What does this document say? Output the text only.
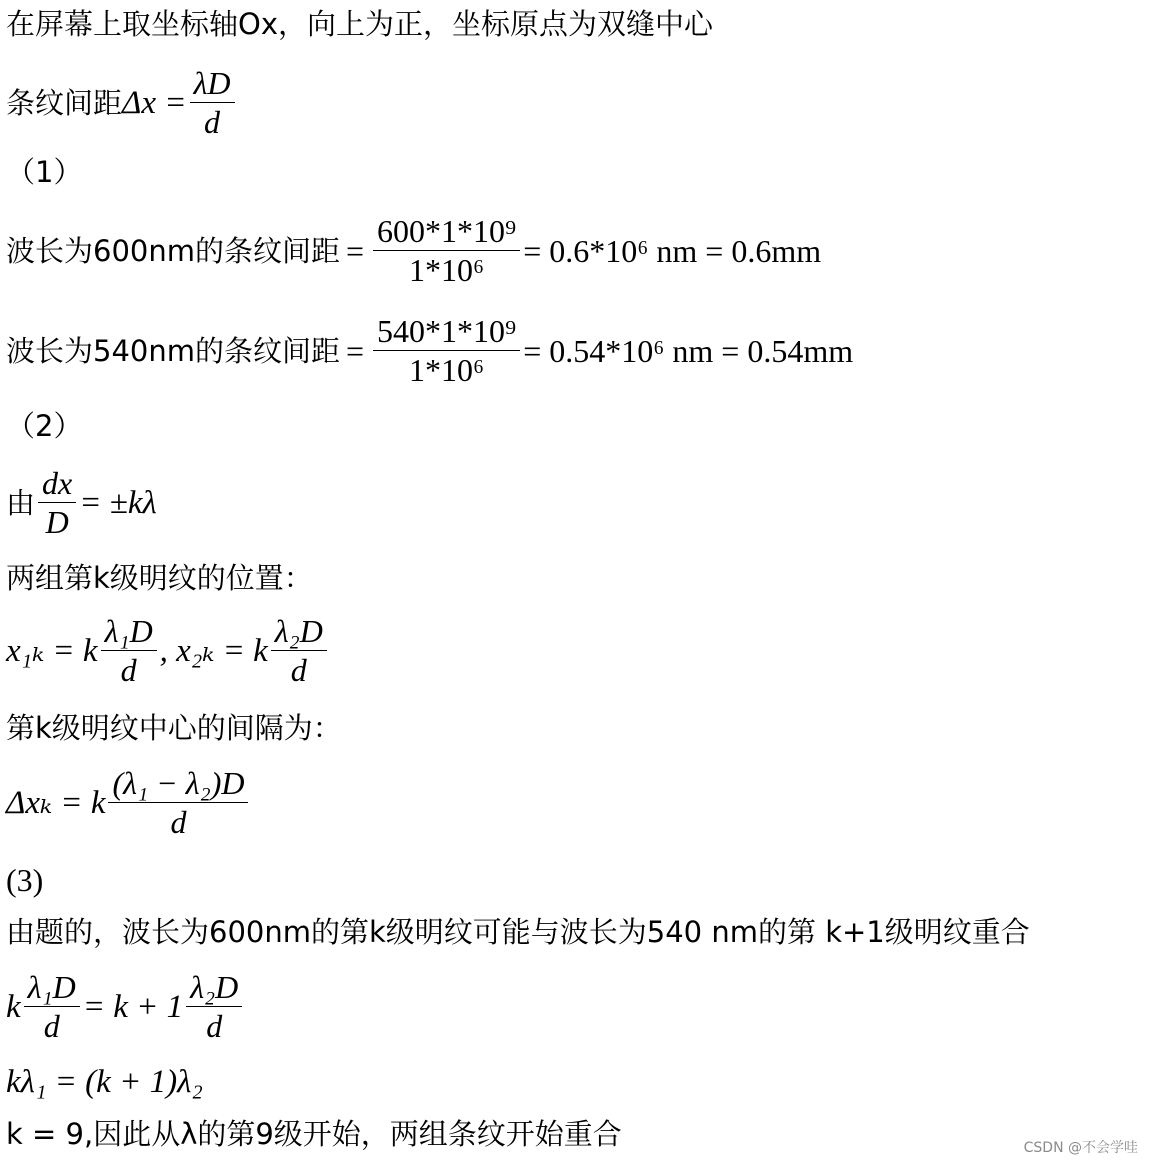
在屏幕上取坐标轴Ox，向上为正，坐标原点为双缝中心
条纹间距 $\Delta x = \frac{\lambda D}{d}$
（1）
波长为600nm的条纹间距 = $\frac{\text{600*1*10⁹}}{\text{1*10⁶}} = 0.6*10^6$ nm = 0.6mm
波长为540nm的条纹间距 = $\frac{\text{540*1*10⁹}}{\text{1*10⁶}} = 0.54*10^6$ nm = 0.54mm
（2）
由 $\frac{dx}{D} = \pm k\lambda$
两组第k级明纹的位置：
x₁ₖ = k $\frac{\text{λ₁D}}{d}$ , x₂ₖ = k $\frac{\text{λ₂D}}{d}$
第k级明纹中心的间隔为：
Δxₖ = k $\frac{\text{(λ₁ − λ₂)D}}{d}$
(3)
由题的，波长为600nm的第k级明纹可能与波长为540 nm的第 k+1级明纹重合
k $\frac{\text{λ₁D}}{d} = k + 1 \frac{\text{λ₂D}}{d}$
kλ₁ = (k + 1)λ₂
k = 9,因此从λ的第9级开始，两组条纹开始重合	CSDN @不会学哇
